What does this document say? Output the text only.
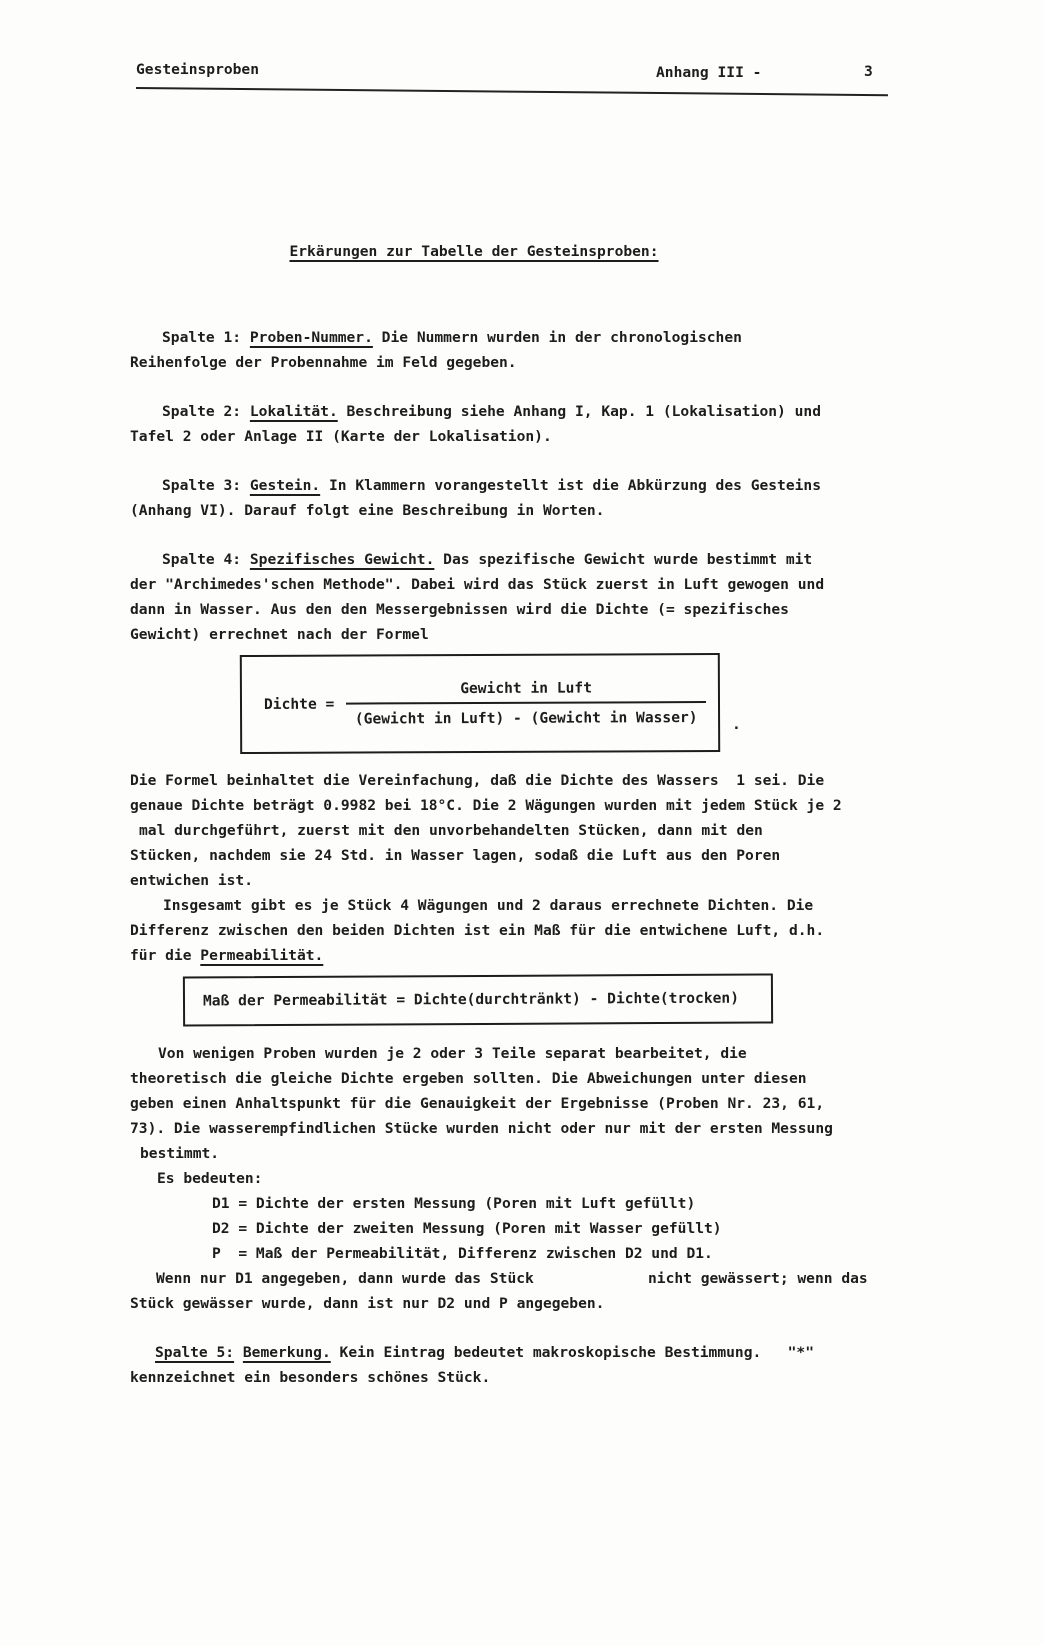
Gesteinsproben	Anhang III -	3
Erkärungen zur Tabelle der Gesteinsproben:
Spalte 1: Proben-Nummer. Die Nummern wurden in der chronologischen
Reihenfolge der Probennahme im Feld gegeben.
Spalte 2: Lokalität. Beschreibung siehe Anhang I, Kap. 1 (Lokalisation) und
Tafel 2 oder Anlage II (Karte der Lokalisation).
Spalte 3: Gestein. In Klammern vorangestellt ist die Abkürzung des Gesteins
(Anhang VI). Darauf folgt eine Beschreibung in Worten.
Spalte 4: Spezifisches Gewicht. Das spezifische Gewicht wurde bestimmt mit
der "Archimedes'schen Methode". Dabei wird das Stück zuerst in Luft gewogen und
dann in Wasser. Aus den den Messergebnissen wird die Dichte (= spezifisches
Gewicht) errechnet nach der Formel
Dichte = $\frac{\text{Gewicht in Luft}}{\text{(Gewicht in Luft) - (Gewicht in Wasser)}}$ .
Die Formel beinhaltet die Vereinfachung, daß die Dichte des Wassers  1 sei. Die
genaue Dichte beträgt 0.9982 bei 18°C. Die 2 Wägungen wurden mit jedem Stück je 2
mal durchgeführt, zuerst mit den unvorbehandelten Stücken, dann mit den
Stücken, nachdem sie 24 Std. in Wasser lagen, sodaß die Luft aus den Poren
entwichen ist.
Insgesamt gibt es je Stück 4 Wägungen und 2 daraus errechnete Dichten. Die
Differenz zwischen den beiden Dichten ist ein Maß für die entwichene Luft, d.h.
für die Permeabilität.
Maß der Permeabilität = Dichte(durchtränkt) - Dichte(trocken)
Von wenigen Proben wurden je 2 oder 3 Teile separat bearbeitet, die
theoretisch die gleiche Dichte ergeben sollten. Die Abweichungen unter diesen
geben einen Anhaltspunkt für die Genauigkeit der Ergebnisse (Proben Nr. 23, 61,
73). Die wasserempfindlichen Stücke wurden nicht oder nur mit der ersten Messung
bestimmt.
Es bedeuten:
D1 = Dichte der ersten Messung (Poren mit Luft gefüllt)
D2 = Dichte der zweiten Messung (Poren mit Wasser gefüllt)
P  = Maß der Permeabilität, Differenz zwischen D2 und D1.
Wenn nur D1 angegeben, dann wurde das Stück             nicht gewässert; wenn das
Stück gewässer wurde, dann ist nur D2 und P angegeben.
Spalte 5: Bemerkung. Kein Eintrag bedeutet makroskopische Bestimmung.   "*"
kennzeichnet ein besonders schönes Stück.
